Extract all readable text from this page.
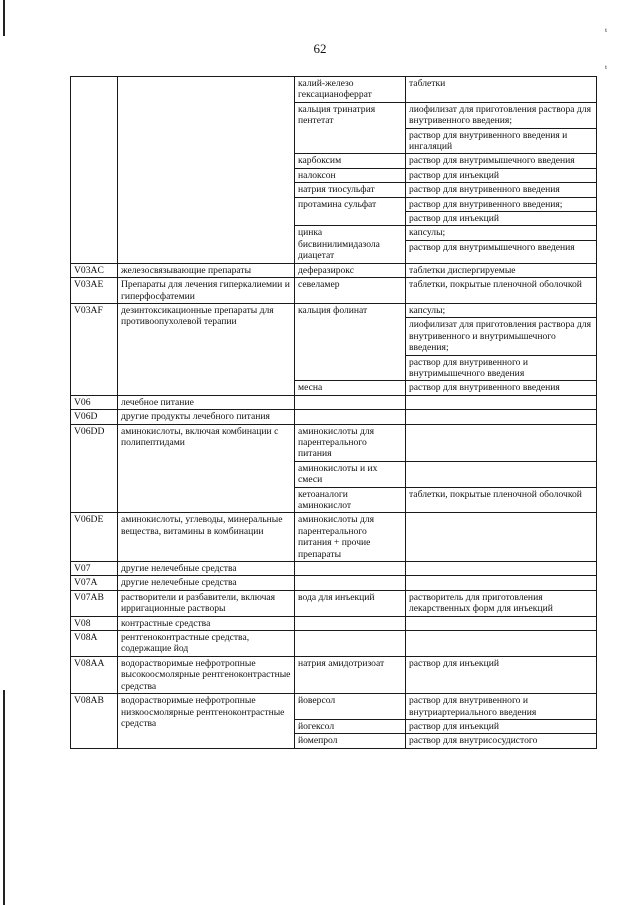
62
ᵗ
ᵗ
		калий-железо гексацианоферрат	таблетки

		кальция тринатрия пентетат	лиофилизат для приготовления раствора для внутривенного введения;
раствор для внутривенного введения и ингаляций

		карбоксим	раствор для внутримышечного введения

		налоксон	раствор для инъекций

		натрия тиосульфат	раствор для внутривенного введения

		протамина сульфат	раствор для внутривенного введения;
раствор для инъекций

		цинка бисвинилимидазола диацетат	капсулы;
раствор для внутримышечного введения

V03AC	железосвязывающие препараты	деферазирокс	таблетки диспергируемые

V03AE	Препараты для лечения гиперкалиемии и гиперфосфатемии	севеламер	таблетки, покрытые пленочной оболочкой

V03AF	дезинтоксикационные препараты для противоопухолевой терапии	кальция фолинат	капсулы;
лиофилизат для приготовления раствора для внутривенного и внутримышечного введения;
раствор для внутривенного и внутримышечного введения

		месна	раствор для внутривенного введения

V06	лечебное питание		

V06D	другие продукты лечебного питания		

V06DD	аминокислоты, включая комбинации с полипептидами	аминокислоты для парентерального питания	

		аминокислоты и их смеси	

		кетоаналоги аминокислот	таблетки, покрытые пленочной оболочкой

V06DE	аминокислоты, углеводы, минеральные вещества, витамины в комбинации	аминокислоты для парентерального питания + прочие препараты	

V07	другие нелечебные средства		

V07A	другие нелечебные средства		

V07AB	растворители и разбавители, включая ирригационные растворы	вода для инъекций	растворитель для приготовления лекарственных форм для инъекций

V08	контрастные средства		

V08A	рентгеноконтрастные средства, содержащие йод		

V08AA	водорастворимые нефротропные высокоосмолярные рентгеноконтрастные средства	натрия амидотризоат	раствор для инъекций

V08AB	водорастворимые нефротропные низкоосмолярные рентгеноконтрастные средства	йоверсол	раствор для внутривенного и внутриартериального введения

		йогексол	раствор для инъекций

		йомепрол	раствор для внутрисосудистого
